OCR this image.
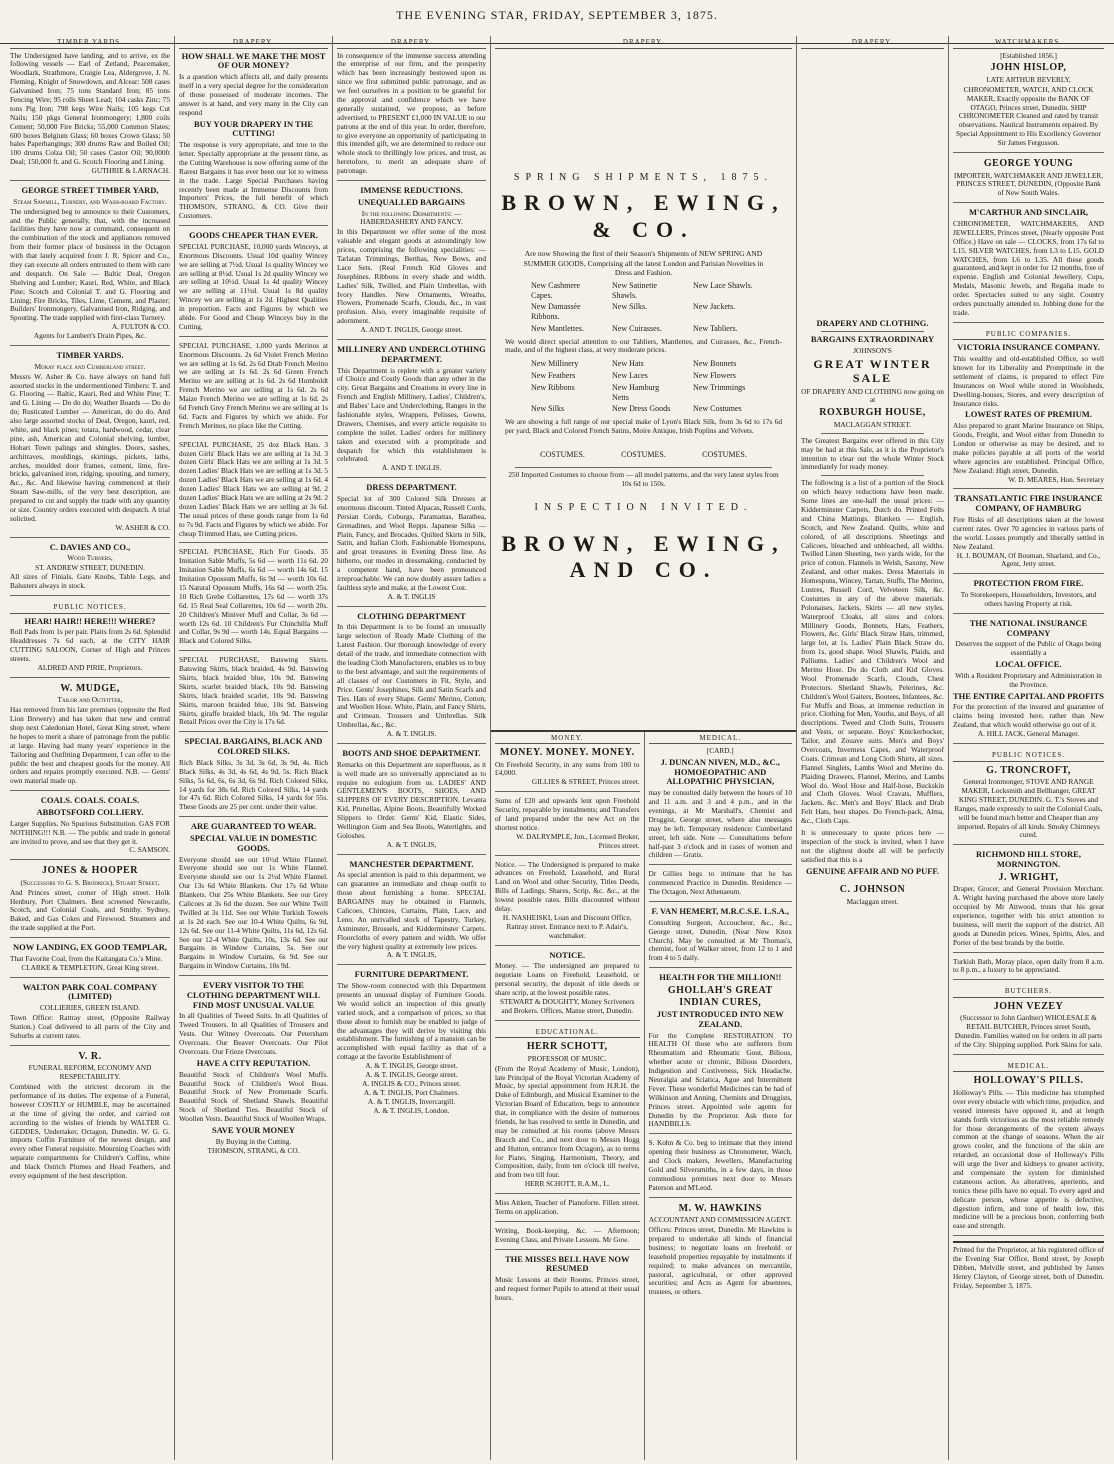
THE EVENING STAR, FRIDAY, SEPTEMBER 3, 1875.
TIMBER YARDS.
The Undersigned have landing, and to arrive, ex the following vessels — Earl of Zetland, Peacemaker, Woodlark, Strathmore, Craigie Lea, Aldergrove, J. N. Fleming, Knight of Snowdown, and Alcear: 508 cases Galvanised Iron; 75 tons Standard Iron; 85 tons Fencing Wire; 95 rolls Sheet Lead; 104 casks Zinc; 75 tons Pig Iron; 798 kegs Wire Nails; 105 kegs Cut Nails; 150 pkgs General Ironmongery; 1,800 coils Cement; 50,000 Fire Bricks; 55,000 Common Slates; 600 boxes Belgium Glass; 60 boxes Crown Glass; 50 bales Paperhangings; 300 drums Raw and Boiled Oil; 100 drums Colza Oil; 50 cases Castor Oil; 90,000ft Deal; 150,000 ft. and G. Scotch Flooring and Lining.
GUTHRIE & LARNACH.
GEORGE STREET TIMBER YARD,
Steam Sawmill, Turnery, and Wash-board Factory.
The undersigned beg to announce to their Customers, and the Public generally, that, with the increased facilities they have now at command, consequent on the combination of the stock and appliances removed from their former place of business in the Octagon with that lately acquired from J. R. Spicer and Co., they can execute all orders entrusted to them with care and despatch. On Sale — Baltic Deal, Oregon Shelving and Lumber; Kauri, Red, White, and Black Pine; Scotch and Colonial T. and G. Flooring and Lining; Fire Bricks, Tiles, Lime, Cement, and Plaster; Builders' Ironmongery, Galvanised Iron, Ridging, and Spouting. The trade supplied with first-class Turnery.
A. FULTON & CO.
Agents for Lambert's Drain Pipes, &c.
TIMBER YARDS.
Moray place and Cumberland street.
Messrs W. Asher & Co. have always on hand full assorted stocks in the undermentioned Timbers: T. and G. Flooring — Baltic, Kauri, Red and White Pine; T. and G. Lining — Do do do; Weather Boards — Do do do; Rusticated Lumber — American, do do do. And also large assorted stocks of Deal, Oregon, kauri, red, white, and black pines; totara, hardwood, cedar, clear pine, ash, American and Colonial shelving, lumber, Hobart Town palings and shingles. Doors, sashes, architraves, mouldings, skirtings, pickets, laths, arches, moulded door frames, cement, lime, fire-bricks, galvanised iron, ridging, spouting, and turnery, &c., &c. And likewise having commenced at their Steam Saw-mills, of the very best description, are prepared to cut and supply the trade with any quantity or size. Country orders executed with despatch. A trial solicited.
W. ASHER & CO.
C. DAVIES AND CO.,
Wood Turners,
ST. ANDREW STREET, DUNEDIN.
All sizes of Finials, Gate Knobs, Table Legs, and Balusters always in stock.
PUBLIC NOTICES.
HEAR! HAIR!! HERE!!! WHERE?
Roll Pads from 1s per pair. Plaits from 2s 6d. Splendid Headdresses 7s 6d each, at the CITY HAIR CUTTING SALOON, Corner of High and Princes streets.
ALDRED AND PIRIE, Proprietors.
W. MUDGE,
Tailor and Outfitter,
Has removed from his late premises (opposite the Red Lion Brewery) and has taken that new and central shop next Caledonian Hotel, Great King street, where he hopes to merit a share of patronage from the public at large. Having had many years' experience in the Tailoring and Outfitting Department, I can offer to the public the best and cheapest goods for the money. All orders and repairs promptly executed. N.B. — Gents' own material made up.
COALS. COALS. COALS.
ABBOTSFORD COLLIERY.
Larger Supplies. No Spurious Substitution. GAS FOR NOTHING!!! N.B. — The public and trade in general are invited to prove, and see that they get it.
C. SAMSON.
JONES & HOOPER
(Successors to G. S. Brodrick), Stuart Street,
And Princes street, corner of High street. Holk Henbury, Port Chalmers. Best screened Newcastle, Scotch, and Colonial Coals, and Smithy. Sydney, Baked, and Gas Cokes and Firewood. Steamers and the trade supplied at the Port.
NOW LANDING, EX GOOD TEMPLAR,
That Favorite Coal, from the Kaitangata Co.'s Mine.
CLARKE & TEMPLETON, Great King street.
WALTON PARK COAL COMPANY (LIMITED)
COLLIERIES, GREEN ISLAND.
Town Office: Rattray street, (Opposite Railway Station.) Coal delivered to all parts of the City and Suburbs at current rates.
V. R.
FUNERAL REFORM, ECONOMY AND RESPECTABILITY.
Combined with the strictest decorum in the performance of its duties. The expense of a Funeral, however COSTLY or HUMBLE, may be ascertained at the time of giving the order, and carried out according to the wishes of friends by WALTER G. GEDDES, Undertaker, Octagon, Dunedin. W. G. G. imports Coffin Furniture of the newest design, and every other Funeral requisite. Mourning Coaches with separate compartments for Children's Coffins, white and black Ostrich Plumes and Head Feathers, and every equipment of the best description.
DRAPERY.
HOW SHALL WE MAKE THE MOST OF OUR MONEY?
Is a question which affects all, and daily presents itself in a very special degree for the consideration of those possessed of moderate incomes. The answer is at hand, and very many in the City can respond
BUY YOUR DRAPERY IN THE CUTTING!
The response is very appropriate, and true to the letter. Specially appropriate at the present time, as the Cutting Warehouse is now offering some of the Rarest Bargains it has ever been our lot to witness in the trade. Large Special Purchases having recently been made at Immense Discounts from Importers' Prices, the full benefit of which THOMSON, STRANG, & CO. Give their Customers.
GOODS CHEAPER THAN EVER.
SPECIAL PURCHASE, 10,000 yards Winceys, at Enormous Discounts. Usual 10d quality Wincey we are selling at 7½d. Usual 1s quality Wincey we are selling at 8½d. Usual 1s 2d quality Wincey we are selling at 10½d. Usual 1s 4d quality Wincey we are selling at 11½d. Usual 1s 8d quality Wincey we are selling at 1s 2d. Highest Qualities in proportion. Facts and Figures by which we abide. For Good and Cheap Winceys buy in the Cutting.
SPECIAL PURCHASE, 1,000 yards Merinos at Enormous Discounts. 2s 6d Violet French Merino we are selling at 1s 6d. 2s 6d Drab French Merino we are selling at 1s 6d. 2s 6d Green French Merino we are selling at 1s 6d. 2s 6d Humboldt French Merino we are selling at 1s 6d. 2s 6d Maize French Merino we are selling at 1s 6d. 2s 6d French Grey French Merino we are selling at 1s 6d. Facts and Figures by which we abide. For French Merinos, no place like the Cutting.
SPECIAL PURCHASE, 25 doz Black Hats. 3 dozen Girls' Black Hats we are selling at 1s 3d. 3 dozen Girls' Black Hats we are selling at 1s 3d. 5 dozen Ladies' Black Hats we are selling at 1s 3d. 5 dozen Ladies' Black Hats we are selling at 1s 6d. 4 dozen Ladies' Black Hats we are selling at 9d. 2 dozen Ladies' Black Hats we are selling at 2s 9d. 2 dozen Ladies' Black Hats we are selling at 3s 6d. The usual prices of these goods range from 1s 6d to 7s 9d. Facts and Figures by which we abide. For cheap Trimmed Hats, see Cutting prices.
SPECIAL PURCHASE, Rich Fur Goods. 35 Imitation Sable Muffs, 5s 6d — worth 11s 6d. 20 Imitation Sable Muffs, 6s 6d — worth 14s 6d. 15 Imitation Opossum Muffs, 6s 9d — worth 10s 6d. 15 Natural Opossum Muffs, 16s 6d — worth 25s. 10 Rich Grebe Collarettes, 17s 6d — worth 37s 6d. 15 Real Seal Collarettes, 10s 6d — worth 20s. 20 Children's Miniver Muff and Collar, 3s 6d — worth 12s 6d. 10 Children's Fur Chinchilla Muff and Collar, 9s 9d — worth 14s. Equal Bargains — Black and Colored Silks.
SPECIAL PURCHASE, Batswing Skirts. Batswing Skirts, black braided, 4s 9d. Batswing Skirts, black braided blue, 10s 9d. Batswing Skirts, scarlet braided black, 10s 9d. Batswing Skirts, black braided scarlet, 10s 9d. Batswing Skirts, maroon braided blue, 10s 9d. Batswing Skirts, giraffe braided black, 10s 9d. The regular Retail Prices over the City is 17s 6d.
SPECIAL BARGAINS, BLACK AND COLORED SILKS.
Rich Black Silks, 3s 3d, 3s 6d, 3s 9d, 4s. Rich Black Silks, 4s 3d, 4s 6d, 4s 9d, 5s. Rich Black Silks, 5s 6d, 6s, 6s 3d, 6s 9d. Rich Colored Silks, 14 yards for 38s 6d. Rich Colored Silks, 14 yards for 47s 6d. Rich Colored Silks, 14 yards for 55s. These Goods are 25 per cent. under their value.
ARE GUARANTEED TO WEAR.
SPECIAL VALUE IN DOMESTIC GOODS.
Everyone should see our 10½d White Flannel. Everyone should see our 1s White Flannel. Everyone should see our 1s 2½d White Flannel. Our 13s 6d White Blankets. Our 17s 6d White Blankets. Our 25s White Blankets. See our Grey Calicoes at 3s 6d the dozen. See our White Twill Twilled at 3s 11d. See our White Turkish Towels at 1s 2d each. See our 10-4 White Quilts, 6s 9d, 12s 6d. See our 11-4 White Quilts, 11s 6d, 12s 6d. See our 12-4 White Quilts, 10s, 13s 6d. See our Bargains in Window Curtains, 5s. See our Bargains in Window Curtains, 6s 9d. See our Bargains in Window Curtains, 10s 9d.
EVERY VISITOR TO THE CLOTHING DEPARTMENT WILL FIND MOST UNUSUAL VALUE
In all Qualities of Tweed Suits. In all Qualities of Tweed Trousers. In all Qualities of Trousers and Vests. Our Witney Overcoats. Our Petersham Overcoats. Our Beaver Overcoats. Our Pilot Overcoats. Our Frieze Overcoats.
HAVE A CITY REPUTATION.
Beautiful Stock of Children's Wool Muffs. Beautiful Stock of Children's Wool Boas. Beautiful Stock of New Promenade Scarfs. Beautiful Stock of Shetland Shawls. Beautiful Stock of Shetland Ties. Beautiful Stock of Woollen Vests. Beautiful Stock of Woollen Wraps.
SAVE YOUR MONEY
By Buying in the Cutting.
THOMSON, STRANG, & CO.
DRAPERY.
In consequence of the immense success attending the enterprise of our firm, and the prosperity which has been increasingly bestowed upon us since we first submitted public patronage, and as we feel ourselves in a position to be grateful for the approval and confidence which we have generally sustained, we propose, as before advertised, to PRESENT £1,000 IN VALUE to our patrons at the end of this year. In order, therefore, to give everyone an opportunity of participating in this intended gift, we are determined to reduce our whole stock to thrillingly low prices, and trust, as heretofore, to merit an adequate share of patronage.
IMMENSE REDUCTIONS.
UNEQUALLED BARGAINS
In the following Departments: — HABERDASHERY AND FANCY.
In this Department we offer some of the most valuable and elegant goods at astoundingly low prices, comprising the following specialities: — Tarlatan Trimmings, Berthas, New Bows, and Lace Sets. (Real French Kid Gloves and Josephines. Ribbons in every shade and width. Ladies' Silk, Twilled, and Plain Umbrellas, with Ivory Handles. New Ornaments, Wreaths, Flowers, Promenade Scarfs, Clouds, &c., in vast profusion. Also, every imaginable requisite of adornment.
A. AND T. INGLIS, George street.
MILLINERY AND UNDERCLOTHING DEPARTMENT.
This Department is replete with a greater variety of Choice and Costly Goods than any other in the city. Great Bargains and Creations in every line in French and English Millinery, Ladies', Children's, and Babes' Lace and Underclothing, Ranges in the fashionable styles, Wrappers, Pelisses, Gowns, Drawers, Chemises, and every article requisite to complete the toilet. Ladies' orders for millinery taken and executed with a promptitude and despatch for which this establishment is celebrated.
A. AND T. INGLIS.
DRESS DEPARTMENT.
Special lot of 300 Colored Silk Dresses at enormous discount. Tinted Alpacas, Russell Cords, Persian Cords, Coburgs, Paramattas, Barathea, Grenadines, and Wool Repps. Japanese Silks — Plain, Fancy, and Brocades. Quilted Skirts in Silk, Satin, and Italian Cloth. Fashionable Homespuns, and great treasures in Evening Dress line. As hitherto, our modes in dressmaking, conducted by a competent hand, have been pronounced irreproachable. We can now doubly assure ladies a faultless style and make, at the Lowest Cost.
A. & T. INGLIS
CLOTHING DEPARTMENT
In this Department is to be found an unusually large selection of Ready Made Clothing of the Latest Fashion. Our thorough knowledge of every detail of the trade, and immediate connection with the leading Cloth Manufacturers, enables us to buy to the best advantage, and suit the requirements of all classes of our Customers in Fit, Style, and Price. Gents' Josephines, Silk and Satin Scarfs and Ties. Hats of every Shape. Gents' Merino, Cotton, and Woollen Hose. White, Plain, and Fancy Shirts, and Crimean. Trousers and Umbrellas. Silk Umbrellas, &c., &c.
A. & T. INGLIS.
BOOTS AND SHOE DEPARTMENT.
Remarks on this Department are superfluous, as it is well made are so universally appreciated as to require no eulogium from us. LADIES' AND GENTLEMEN'S BOOTS, SHOES, AND SLIPPERS OF EVERY DESCRIPTION. Levanta Kid, Prunellas, Alpine Boots, Beautifully Worked Slippers to Order. Gents' Kid, Elastic Sides, Wellington Gum and Sea Boots, Watertights, and Goloshes.
A. & T. INGLIS,
MANCHESTER DEPARTMENT.
As special attention is paid to this department, we can guarantee an immediate and cheap outfit to those about furnishing a home. SPECIAL BARGAINS may be obtained in Flannels, Calicoes, Chintzes, Curtains, Plain, Lace, and Leno. An unrivalled stock of Tapestry, Turkey, Axminster, Brussels, and Kidderminster Carpets. Floorcloths of every pattern and width. We offer the very highest quality at extremely low prices.
A. & T. INGLIS,
FURNITURE DEPARTMENT.
The Show-room connected with this Department presents an unusual display of Furniture Goods. We would solicit an inspection of this greatly varied stock, and a comparison of prices, so that those about to furnish may be enabled to judge of the advantages they will derive by visiting this establishment. The furnishing of a mansion can be accomplished with equal facility as that of a cottage at the favorite Establishment of
A. & T. INGLIS, George street.
A. & T. INGLIS, George street.
A. INGLIS & CO., Princes street.
A. & T. INGLIS, Port Chalmers.
A. & T. INGLIS, Invercargill.
A. & T. INGLIS, London.
DRAPERY.
SPRING SHIPMENTS, 1875.
BROWN, EWING, & CO.
Are now Showing the first of their Season's Shipments of NEW SPRING AND SUMMER GOODS, Comprising all the latest London and Parisian Novelties in Dress and Fashion.
New Cashmere Capes.
New Satinette Shawls.
New Lace Shawls.
New Damassée Ribbons.
New Silks.	New Jackets.
New Mantlettes.	New Cuirasses.	New Tabliers.
We would direct special attention to our Tabliers, Mantlettes, and Cuirasses, &c., French-made, and of the highest class, at very moderate prices.
New Millinery	New Hats	New Bonnets
New Feathers	New Laces	New Flowers
New Ribbons	New Hamburg Netts
New Trimmings
New Silks	New Dress Goods	New Costumes
We are showing a full range of our special make of Lyon's Black Silk, from 3s 6d to 17s 6d per yard, Black and Colored French Satins, Moire Antique, Irish Poplins and Velvets.
COSTUMES.	COSTUMES.	COSTUMES.
250 Imported Costumes to choose from — all model patterns, and the very latest styles from 10s 6d to 150s.
INSPECTION INVITED.
BROWN, EWING, AND CO.
MONEY.
MONEY. MONEY. MONEY.
On Freehold Security, in any sums from 100 to £4,000.
GILLIES & STREET, Princes street.
Sums of £20 and upwards lent upon Freehold Security, repayable by instalments; and Transfers of land prepared under the new Act on the shortest notice.
W. DALRYMPLE, Jun., Licensed Broker, Princes street.
Notice. — The Undersigned is prepared to make advances on Freehold, Leasehold, and Rural Land on Wool and other Security, Titles Deeds, Bills of Ladings, Shares, Scrip, &c. &c., at the lowest possible rates. Bills discounted without delay.
H. NASHEISKI, Loan and Discount Office, Rattray street. Entrance next to P. Adair's, watchmaker.
NOTICE.
Money. — The undersigned are prepared to negotiate Loans on Freehold, Leasehold, or personal security, the deposit of title deeds or share scrip, at the lowest possible rates.
STEWART & DOUGHTY, Money Scriveners and Brokers. Offices, Manse street, Dunedin.
EDUCATIONAL.
HERR SCHOTT,
PROFESSOR OF MUSIC.
(From the Royal Academy of Music, London), late Principal of the Royal Victorian Academy of Music, by special appointment from H.R.H. the Duke of Edinburgh, and Musical Examiner to the Victorian Board of Education, begs to announce that, in compliance with the desire of numerous friends, he has resolved to settle in Dunedin, and may be consulted at his rooms (above Messrs Bracch and Co., and next door to Messrs Hogg and Hutton, entrance from Octagon), as to terms for Piano, Singing, Harmonium, Theory, and Composition, daily, from ten o'clock till twelve, and from two till four.
HERR SCHOTT, R.A.M., L.
Miss Aitken, Teacher of Pianoforte. Fillen street. Terms on application.
Writing, Book-keeping, &c. — Afternoon; Evening Class, and Private Lessons. Mr Gow.
THE MISSES BELL HAVE NOW RESUMED
Music Lessons at their Rooms, Princes street, and request former Pupils to attend at their usual hours.
MEDICAL.
[CARD.]
J. DUNCAN NIVEN, M.D., &C., HOMOEOPATHIC AND ALLOPATHIC PHYSICIAN,
may be consulted daily between the hours of 10 and 11 a.m. and 3 and 4 p.m., and in the evenings, at Mr Marshall's, Chemist and Druggist, George street, where also messages may be left. Temporary residence: Cumberland street, left side. Note — Consultations before half-past 3 o'clock and in cases of women and children — Gratis.
Dr Gillies begs to intimate that he has commenced Practice in Dunedin. Residence — The Octagon, Next Athenaeum.
F. VAN HEMERT, M.R.C.S.E. L.S.A.,
Consulting Surgeon, Accoucheur, &c., &c., George street, Dunedin, (Near New Knox Church). May be consulted at Mr Thomas's, chemist, foot of Walker street, from 12 to 1 and from 4 to 5 daily.
HEALTH FOR THE MILLION!!
GHOLLAH'S GREAT INDIAN CURES,
JUST INTRODUCED INTO NEW ZEALAND.
For the Complete RESTORATION TO HEALTH Of those who are sufferers from Rheumatism and Rheumatic Gout, Bilious, whether acute or chronic, Bilious Disorders, Indigestion and Costiveness, Sick Headache, Neuralgia and Sciatica, Ague and Intermittent Fever. These wonderful Medicines can be had of Wilkinson and Anning, Chemists and Druggists, Princes street. Appointed sole agents for Dunedin by the Proprietor. Ask there for HANDBILLS.
S. Kohn & Co. beg to intimate that they intend opening their business as Chronometer, Watch, and Clock makers, Jewellers, Manufacturing Gold and Silversmiths, in a few days, in those commodious premises next door to Messrs Paterson and M'Leod.
M. W. HAWKINS
ACCOUNTANT AND COMMISSION AGENT.
Offices: Princes street, Dunedin. Mr Hawkins is prepared to undertake all kinds of financial business; to negotiate loans on freehold or leasehold properties repayable by instalments if required; to make advances on mercantile, pastoral, agricultural, or other approved securities; and Acts as Agent for absentees, trustees, or others.
DRAPERY.
DRAPERY AND CLOTHING.
BARGAINS EXTRAORDINARY
JOHNSON'S
GREAT WINTER SALE
OF DRAPERY AND CLOTHING now going on at
ROXBURGH HOUSE,
MACLAGGAN STREET.
The Greatest Bargains ever offered in this City may be had at this Sale, as it is the Proprietor's intention to clear out the whole Winter Stock immediately for ready money.
The following is a list of a portion of the Stock on which heavy reductions have been made. Some lines are one-half the usual prices: — Kidderminster Carpets, Dutch do. Printed Felts and China Mattings. Blankets — English, Scotch, and New Zealand. Quilts, white and colored, of all descriptions. Sheetings and Calicoes, bleached and unbleached, all widths. Twilled Linen Sheeting, two yards wide, for the price of cotton. Flannels in Welsh, Saxony, New Zealand, and other makes. Dress Materials in Homespuns, Wincey, Tartan, Stuffs, The Merino, Lustres, Russell Cord, Velveteen Silk, &c. Costumes in any of the above materials. Polonaises, Jackets, Skirts — all new styles. Waterproof Cloaks, all sizes and colors. Millinery Goods, Bonnets, Hats, Feathers, Flowers, &c. Girls' Black Straw Hats, trimmed, large lot, at 1s. Ladies' Plain Black Straw do, from 1s, good shape. Wool Shawls, Plaids, and Palliums. Ladies' and Children's Wool and Merino Hose. Do do Cloth and Kid Gloves. Wool Promenade Scarfs, Clouds, Chest Protectors. Shetland Shawls, Pelerines, &c. Children's Wool Gaiters, Bootees, Infantees, &c. Fur Muffs and Boas, at immense reduction in price. Clothing for Men, Youths, and Boys, of all descriptions. Tweed and Cloth Suits, Trousers and Vests, or separate. Boys' Knickerbocker, Tailor, and Zouave suits. Men's and Boys' Overcoats, Inverness Capes, and Waterproof Coats. Crimean and Long Cloth Shirts, all sizes. Flannel Singlets, Lambs Wool and Merino do. Plaiding Drawers, Flannel, Merino, and Lambs Wool do. Wool Hose and Half-hose, Buckskin and Cloth Gloves. Wool Cravats, Mufflers, Jackets, &c. Men's and Boys' Black and Drab Felt Hats, best shapes. Do French-pack, Alma, &c., Cloth Caps.
It is unnecessary to quote prices here — inspection of the stock is invited, when I have not the slightest doubt all will be perfectly satisfied that this is a
GENUINE AFFAIR AND NO PUFF.
C. JOHNSON
Maclaggan street.
WATCHMAKERS.
[Established 1856.]
JOHN HISLOP,
LATE ARTHUR BEVERLY,
CHRONOMETER, WATCH, AND CLOCK MAKER, Exactly opposite the BANK OF OTAGO, Princes street, Dunedin. SHIP CHRONOMETER Cleaned and rated by transit observations. Nautical Instruments repaired. By Special Appointment to His Excellency Governor Sir James Fergusson.
GEORGE YOUNG
IMPORTER, WATCHMAKER AND JEWELLER, PRINCES STREET, DUNEDIN, (Opposite Bank of New South Wales.
M'CARTHUR AND SINCLAIR,
CHRONOMETER, WATCHMAKERS, AND JEWELLERS, Princes street, (Nearly opposite Post Office.) Have on sale — CLOCKS, from 17s 6d to L15. SILVER WATCHES, from L3 to L15. GOLD WATCHES, from L6 to L35. All these goods guaranteed, and kept in order for 12 months, free of expense. English and Colonial Jewellery, Cups, Medals, Masonic Jewels, and Regalia made to order. Spectacles suited to any sight. Country orders punctually attended to. Jobbing done for the trade.
PUBLIC COMPANIES.
VICTORIA INSURANCE COMPANY.
This wealthy and old-established Office, so well known for its Liberality and Promptitude in the settlement of claims, is prepared to effect Fire Insurances on Wool while stored in Woolsheds, Dwelling-houses, Stores, and every description of Insurance risks.
LOWEST RATES OF PREMIUM.
Also prepared to grant Marine Insurance on Ships, Goods, Freight, and Wool either from Dunedin to London or otherwise as may be desired, and to make policies payable at all ports of the world where agencies are established. Principal Office, New Zealand: High street, Dunedin.
W. D. MEARES, Hon. Secretary
TRANSATLANTIC FIRE INSURANCE COMPANY, OF HAMBURG
Fire Risks of all descriptions taken at the lowest current rates. Over 70 agencies in various parts of the world. Losses promptly and liberally settled in New Zealand.
H. J. BOUMAN, Of Bouman, Sharland, and Co., Agent, Jetty street.
PROTECTION FROM FIRE.
To Storekeepers, Householders, Investors, and others having Property at risk.
THE NATIONAL INSURANCE COMPANY
Deserves the support of the Public of Otago being essentially a
LOCAL OFFICE.
With a Resident Proprietary and Administration in the Province.
THE ENTIRE CAPITAL AND PROFITS
For the protection of the insured and guarantee of claims being invested here, rather than New Zealand, that which would otherwise go out of it.
A. HILL JACK, General Manager.
PUBLIC NOTICES.
G. TRONCROFT,
General Ironmonger, STOVE AND RANGE MAKER, Locksmith and Bellhanger, GREAT KING STREET, DUNEDIN. G. T.'s Stoves and Ranges, made expressly to suit the Colonial Coals, will be found much better and Cheaper than any imported. Repairs of all kinds. Smoky Chimneys cured.
RICHMOND HILL STORE, MORNINGTON.
J. WRIGHT,
Draper, Grocer, and General Provision Merchant. A. Wright having purchased the above store lately occupied by Mr Attwood, trusts that his great experience, together with his strict attention to business, will merit the support of the district. All goods at Dunedin prices. Wines, Spirits, Ales, and Porter of the best brands by the bottle.
Turkish Bath, Moray place, open daily from 8 a.m. to 8 p.m., a luxury to be appreciated.
BUTCHERS.
JOHN VEZEY
(Successor to John Gardner) WHOLESALE & RETAIL BUTCHER, Princes street South, Dunedin. Families waited on for orders in all parts of the City. Shipping supplied. Pork Skins for sale.
MEDICAL.
HOLLOWAY'S PILLS.
Holloway's Pills. — This medicine has triumphed over every obstacle with which time, prejudice, and vested interests have opposed it, and at length stands forth victorious as the most reliable remedy for those derangements of the system always common at the change of seasons. When the air grows cooler, and the functions of the skin are retarded, an occasional dose of Holloway's Pills will urge the liver and kidneys to greater activity, and compensate the system for diminished cutaneous action. As alteratives, aperients, and tonics these pills have no equal. To every aged and delicate person, whose appetite is defective, digestion infirm, and tone of health low, this medicine will be a precious boon, conferring both ease and strength.
Printed for the Proprietor, at his registered office of the Evening Star Office, Bond street, by Joseph Dibben, Melville street, and published by James Henry Clayton, of George street, both of Dunedin. Friday, September 3, 1875.
